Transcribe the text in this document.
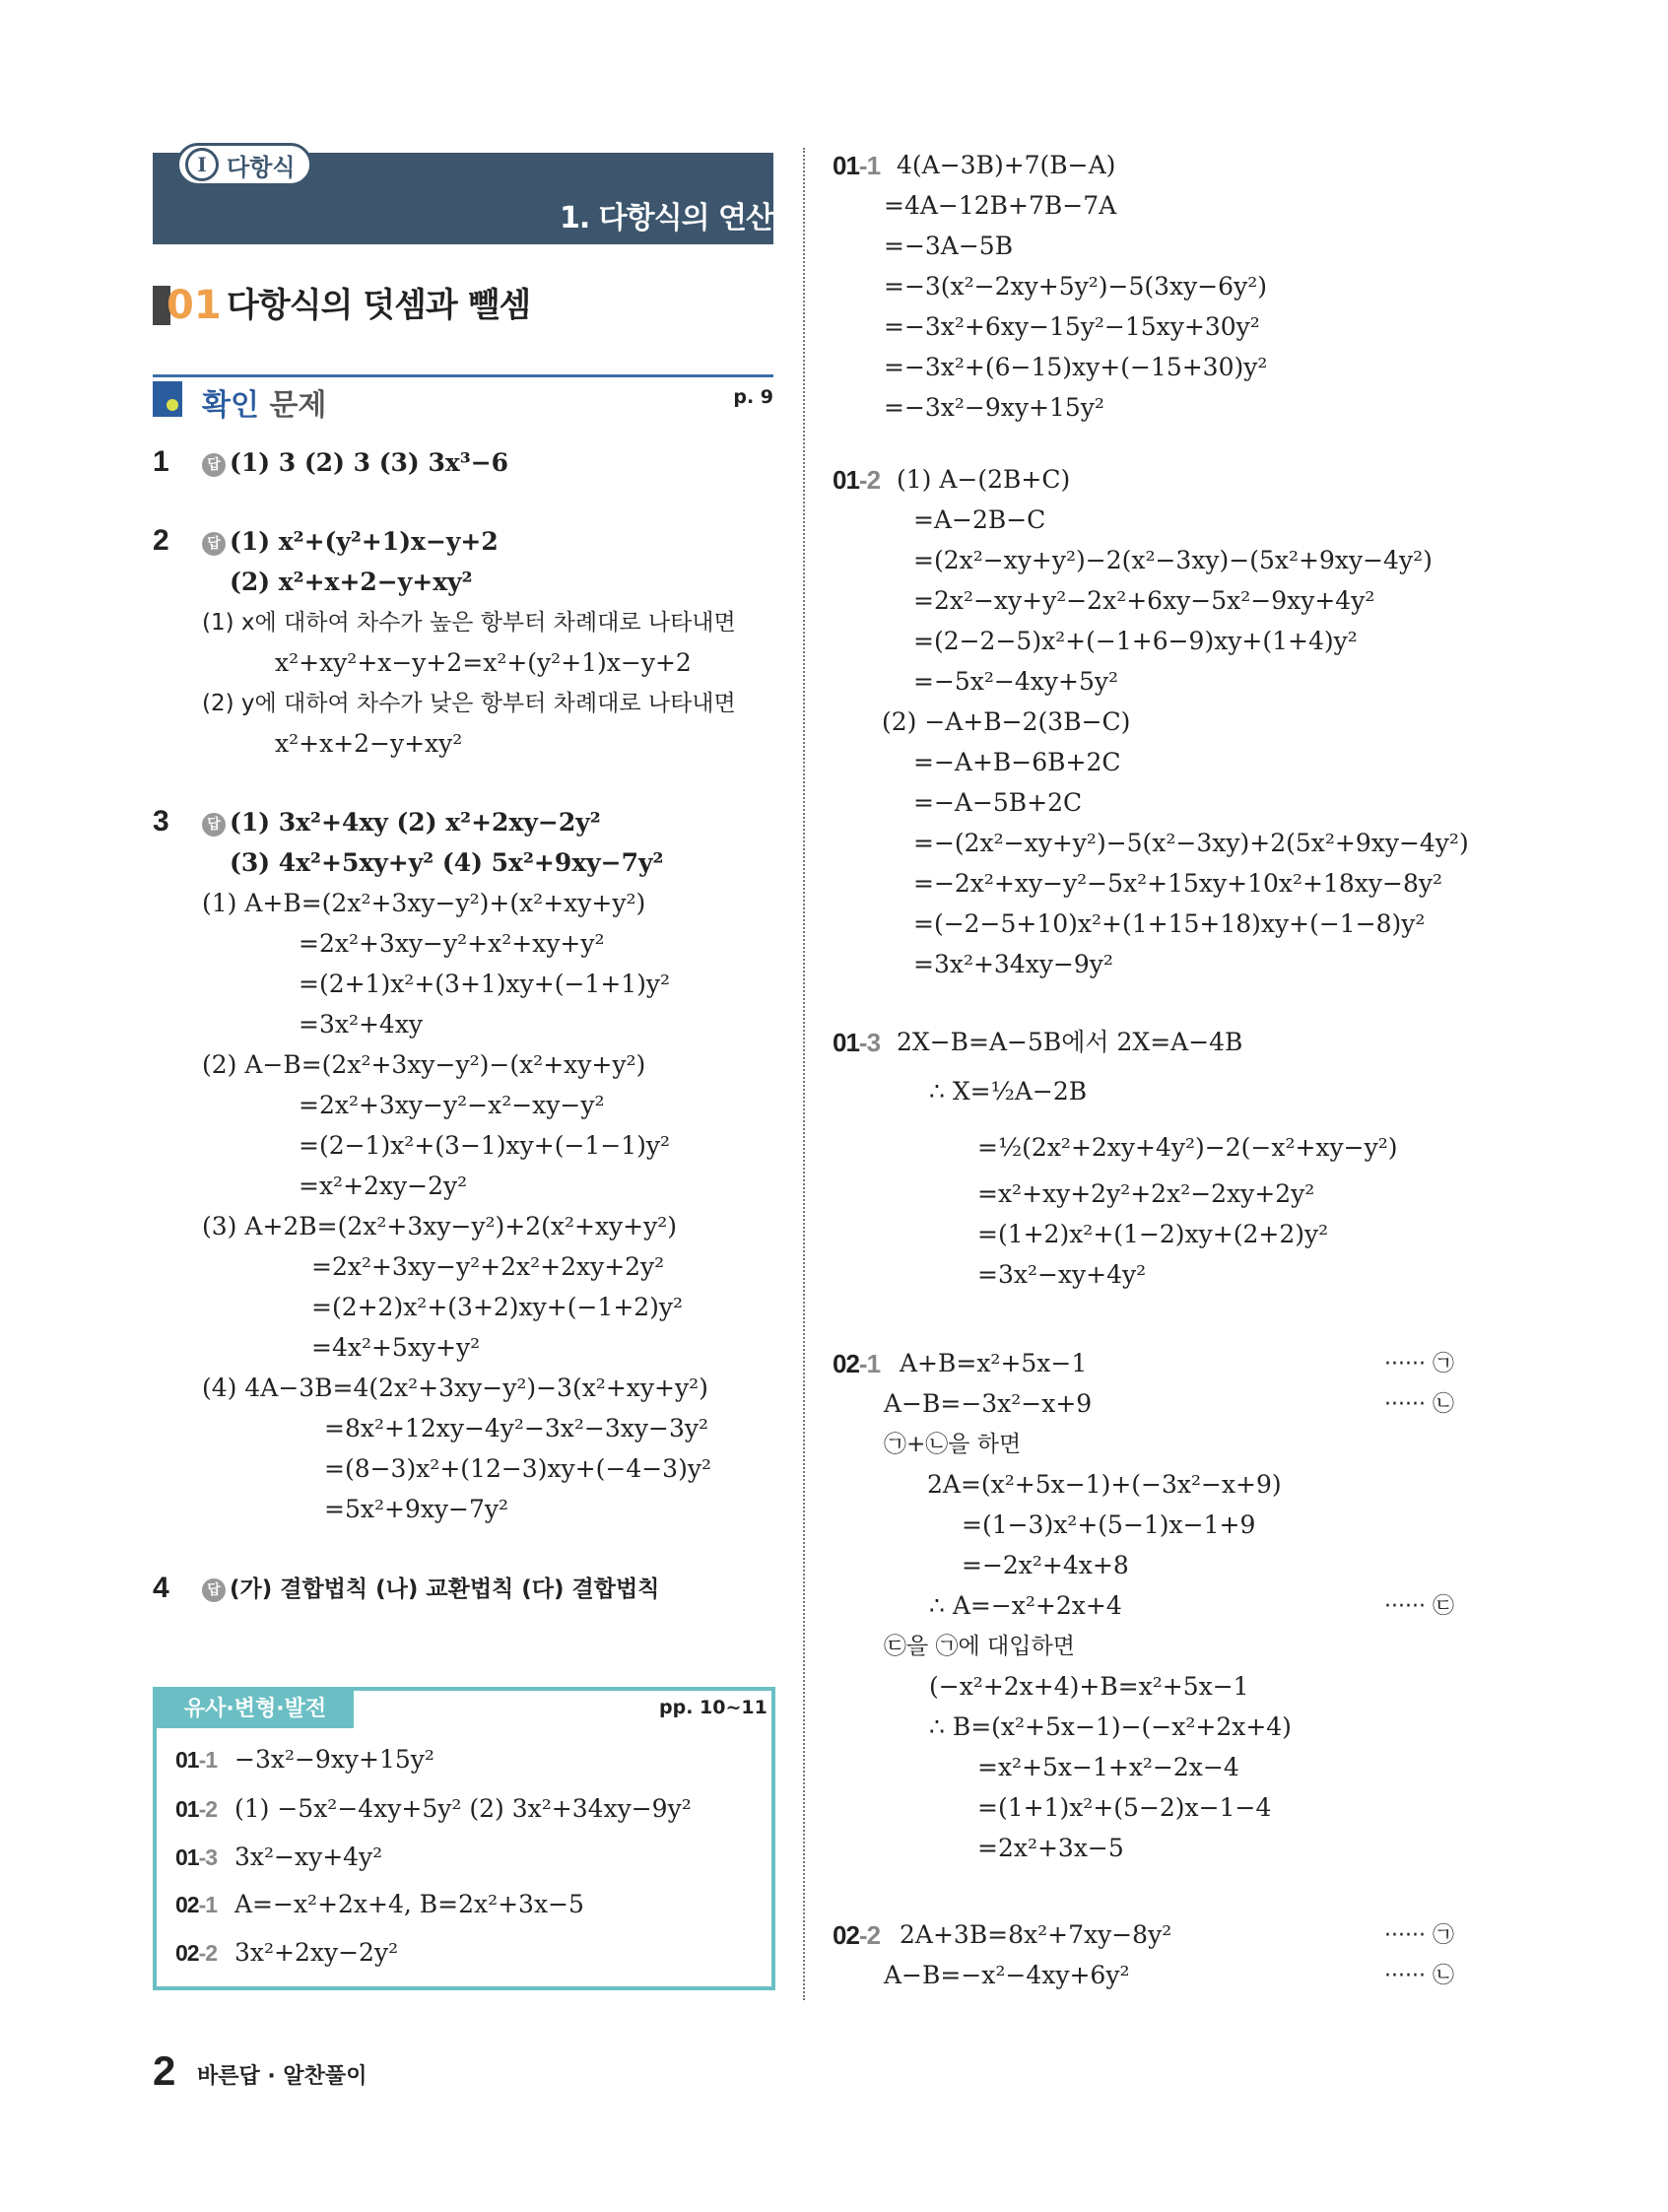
I 다항식
1. 다항식의 연산
01 다항식의 덧셈과 뺄셈
확인 문제	p. 9
1
2
3
4
답 (1) 3 (2) 3 (3) 3x³−6
답 (1) x²+(y²+1)x−y+2
(2) x²+x+2−y+xy²
(1) x에 대하여 차수가 높은 항부터 차례대로 나타내면
x²+xy²+x−y+2=x²+(y²+1)x−y+2
(2) y에 대하여 차수가 낮은 항부터 차례대로 나타내면
x²+x+2−y+xy²
답 (1) 3x²+4xy (2) x²+2xy−2y²
(3) 4x²+5xy+y² (4) 5x²+9xy−7y²
(1) A+B=(2x²+3xy−y²)+(x²+xy+y²)
=2x²+3xy−y²+x²+xy+y²
=(2+1)x²+(3+1)xy+(−1+1)y²
=3x²+4xy
(2) A−B=(2x²+3xy−y²)−(x²+xy+y²)
=2x²+3xy−y²−x²−xy−y²
=(2−1)x²+(3−1)xy+(−1−1)y²
=x²+2xy−2y²
(3) A+2B=(2x²+3xy−y²)+2(x²+xy+y²)
=2x²+3xy−y²+2x²+2xy+2y²
=(2+2)x²+(3+2)xy+(−1+2)y²
=4x²+5xy+y²
(4) 4A−3B=4(2x²+3xy−y²)−3(x²+xy+y²)
=8x²+12xy−4y²−3x²−3xy−3y²
=(8−3)x²+(12−3)xy+(−4−3)y²
=5x²+9xy−7y²
답 (가) 결합법칙 (나) 교환법칙 (다) 결합법칙
유사·변형·발전	pp. 10~11
01-1 −3x²−9xy+15y²
01-2 (1) −5x²−4xy+5y² (2) 3x²+34xy−9y²
01-3 3x²−xy+4y²
02-1 A=−x²+2x+4, B=2x²+3x−5
02-2 3x²+2xy−2y²
01-1 4(A−3B)+7(B−A)
=4A−12B+7B−7A
=−3A−5B
=−3(x²−2xy+5y²)−5(3xy−6y²)
=−3x²+6xy−15y²−15xy+30y²
=−3x²+(6−15)xy+(−15+30)y²
=−3x²−9xy+15y²
01-2 (1) A−(2B+C)
=A−2B−C
=(2x²−xy+y²)−2(x²−3xy)−(5x²+9xy−4y²)
=2x²−xy+y²−2x²+6xy−5x²−9xy+4y²
=(2−2−5)x²+(−1+6−9)xy+(1+4)y²
=−5x²−4xy+5y²
(2) −A+B−2(3B−C)
=−A+B−6B+2C
=−A−5B+2C
=−(2x²−xy+y²)−5(x²−3xy)+2(5x²+9xy−4y²)
=−2x²+xy−y²−5x²+15xy+10x²+18xy−8y²
=(−2−5+10)x²+(1+15+18)xy+(−1−8)y²
=3x²+34xy−9y²
01-3 2X−B=A−5B에서 2X=A−4B
∴ X=½A−2B
=½(2x²+2xy+4y²)−2(−x²+xy−y²)
=x²+xy+2y²+2x²−2xy+2y²
=(1+2)x²+(1−2)xy+(2+2)y²
=3x²−xy+4y²
02-1 A+B=x²+5x−1	······ ㉠
A−B=−3x²−x+9	······ ㉡
㉠+㉡을 하면
2A=(x²+5x−1)+(−3x²−x+9)
=(1−3)x²+(5−1)x−1+9
=−2x²+4x+8
∴ A=−x²+2x+4	······ ㉢
㉢을 ㉠에 대입하면
(−x²+2x+4)+B=x²+5x−1
∴ B=(x²+5x−1)−(−x²+2x+4)
=x²+5x−1+x²−2x−4
=(1+1)x²+(5−2)x−1−4
=2x²+3x−5
02-2 2A+3B=8x²+7xy−8y²	······ ㉠
A−B=−x²−4xy+6y²	······ ㉡
2 바른답 · 알찬풀이
